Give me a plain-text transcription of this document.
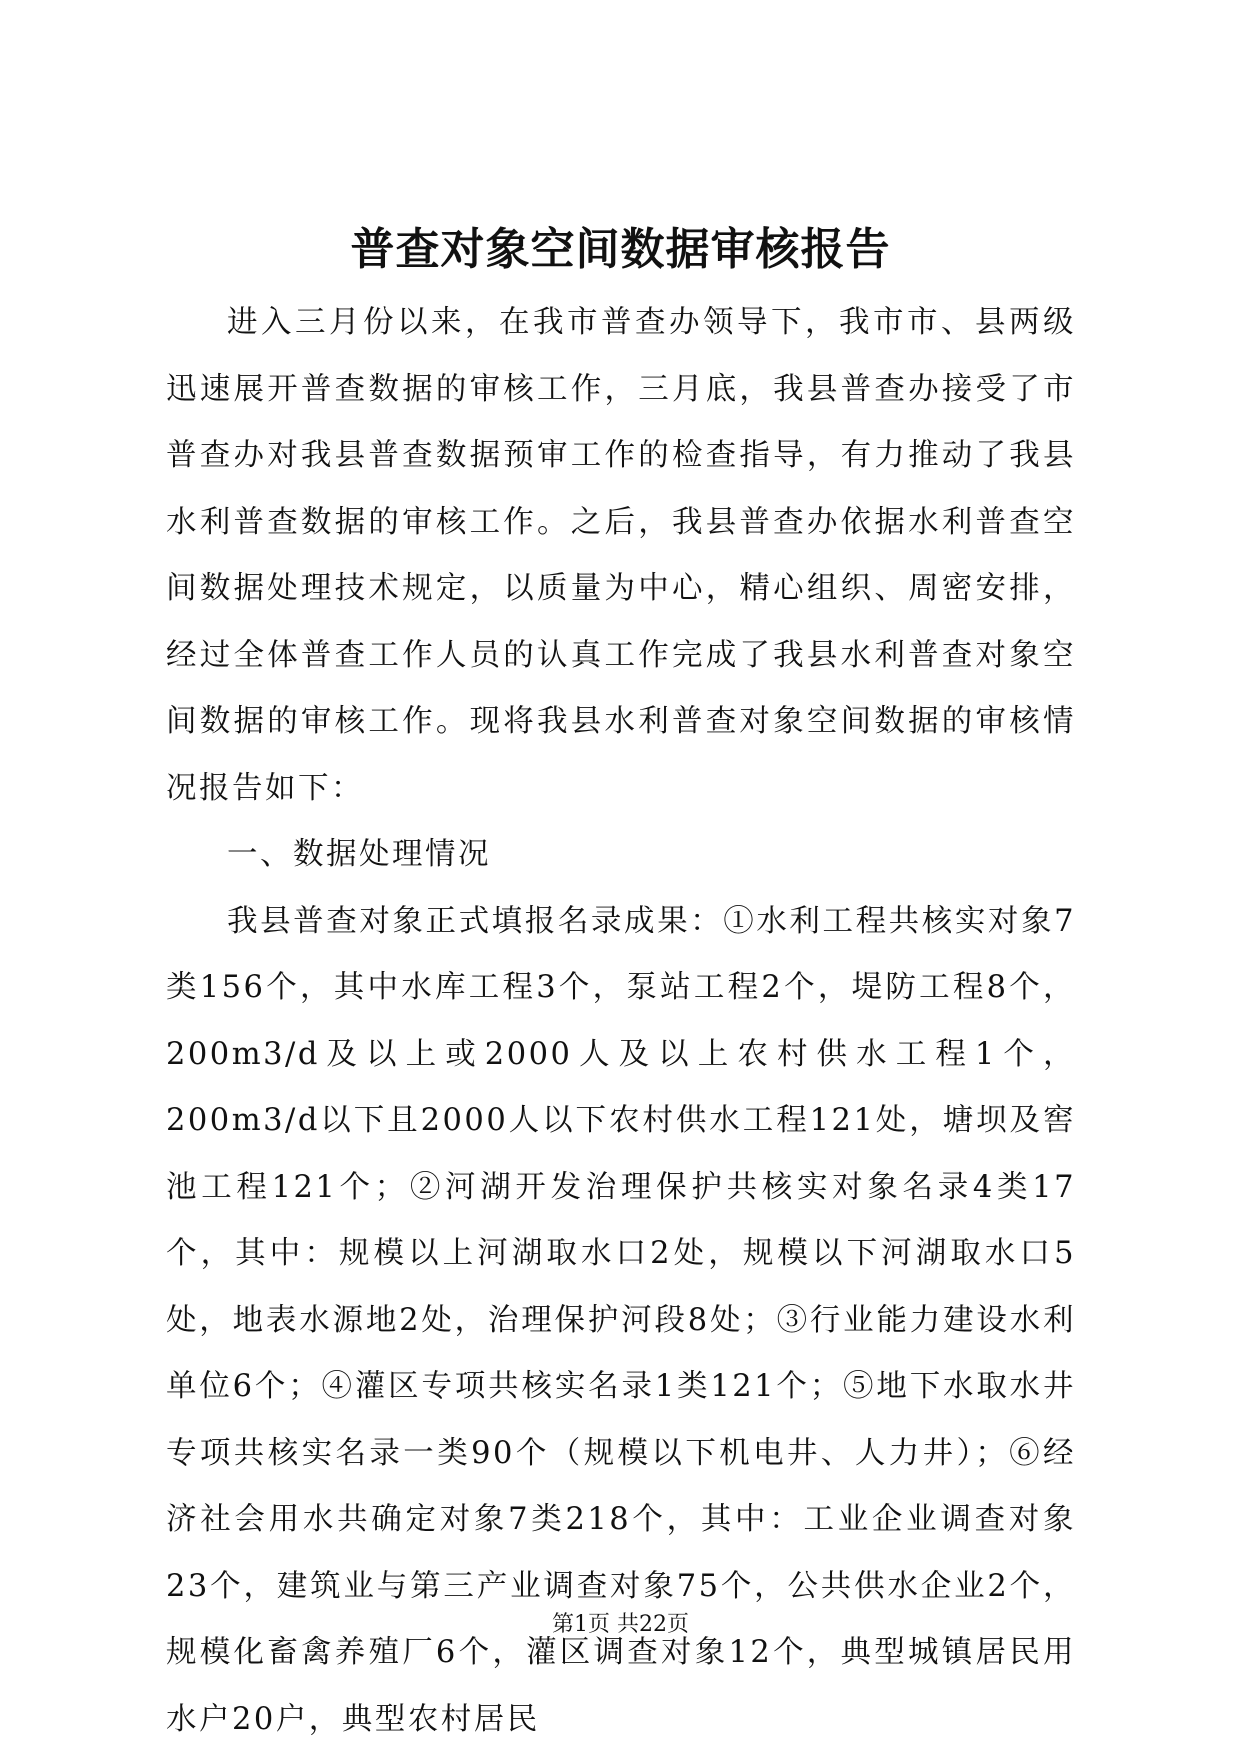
普查对象空间数据审核报告

进入三月份以来，在我市普查办领导下，我市市、县两级迅速展开普查数据的审核工作，三月底，我县普查办接受了市普查办对我县普查数据预审工作的检查指导，有力推动了我县水利普查数据的审核工作。之后，我县普查办依据水利普查空间数据处理技术规定，以质量为中心，精心组织、周密安排，经过全体普查工作人员的认真工作完成了我县水利普查对象空间数据的审核工作。现将我县水利普查对象空间数据的审核情况报告如下：

一、数据处理情况

我县普查对象正式填报名录成果：①水利工程共核实对象7类156个，其中水库工程3个，泵站工程2个，堤防工程8个，200m3/d及以上或2000人及以上农村供水工程1个，200m3/d以下且2000人以下农村供水工程121处，塘坝及窖池工程121个；②河湖开发治理保护共核实对象名录4类17个，其中：规模以上河湖取水口2处，规模以下河湖取水口5处，地表水源地2处，治理保护河段8处；③行业能力建设水利单位6个；④灌区专项共核实名录1类121个；⑤地下水取水井专项共核实名录一类90个（规模以下机电井、人力井）；⑥经济社会用水共确定对象7类218个，其中：工业企业调查对象23个，建筑业与第三产业调查对象75个，公共供水企业2个，规模化畜禽养殖厂6个，灌区调查对象12个，典型城镇居民用水户20户，典型农村居民

第1页 共22页
